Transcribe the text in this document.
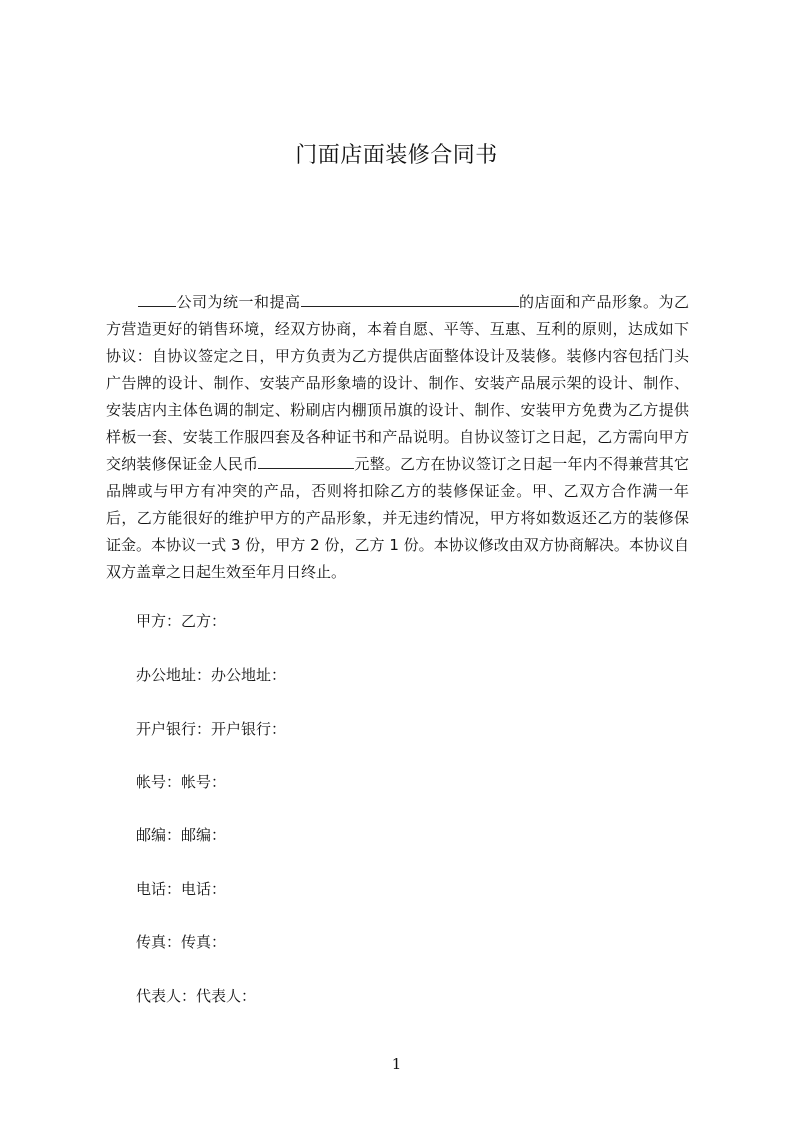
门面店面装修合同书

公司为统一和提高	的店面和产品形象。为乙方营造更好的销售环境，经双方协商，本着自愿、平等、互惠、互利的原则，达成如下协议：自协议签定之日，甲方负责为乙方提供店面整体设计及装修。装修内容包括门头广告牌的设计、制作、安装产品形象墙的设计、制作、安装产品展示架的设计、制作、安装店内主体色调的制定、粉刷店内棚顶吊旗的设计、制作、安装甲方免费为乙方提供样板一套、安装工作服四套及各种证书和产品说明。自协议签订之日起，乙方需向甲方交纳装修保证金人民币	元整。乙方在协议签订之日起一年内不得兼营其它品牌或与甲方有冲突的产品，否则将扣除乙方的装修保证金。甲、乙双方合作满一年后，乙方能很好的维护甲方的产品形象，并无违约情况，甲方将如数返还乙方的装修保证金。本协议一式 3 份，甲方 2 份，乙方 1 份。本协议修改由双方协商解决。本协议自双方盖章之日起生效至年月日终止。

甲方：乙方：
办公地址：办公地址：
开户银行：开户银行：
帐号：帐号：
邮编：邮编：
电话：电话：
传真：传真：
代表人：代表人：
1
